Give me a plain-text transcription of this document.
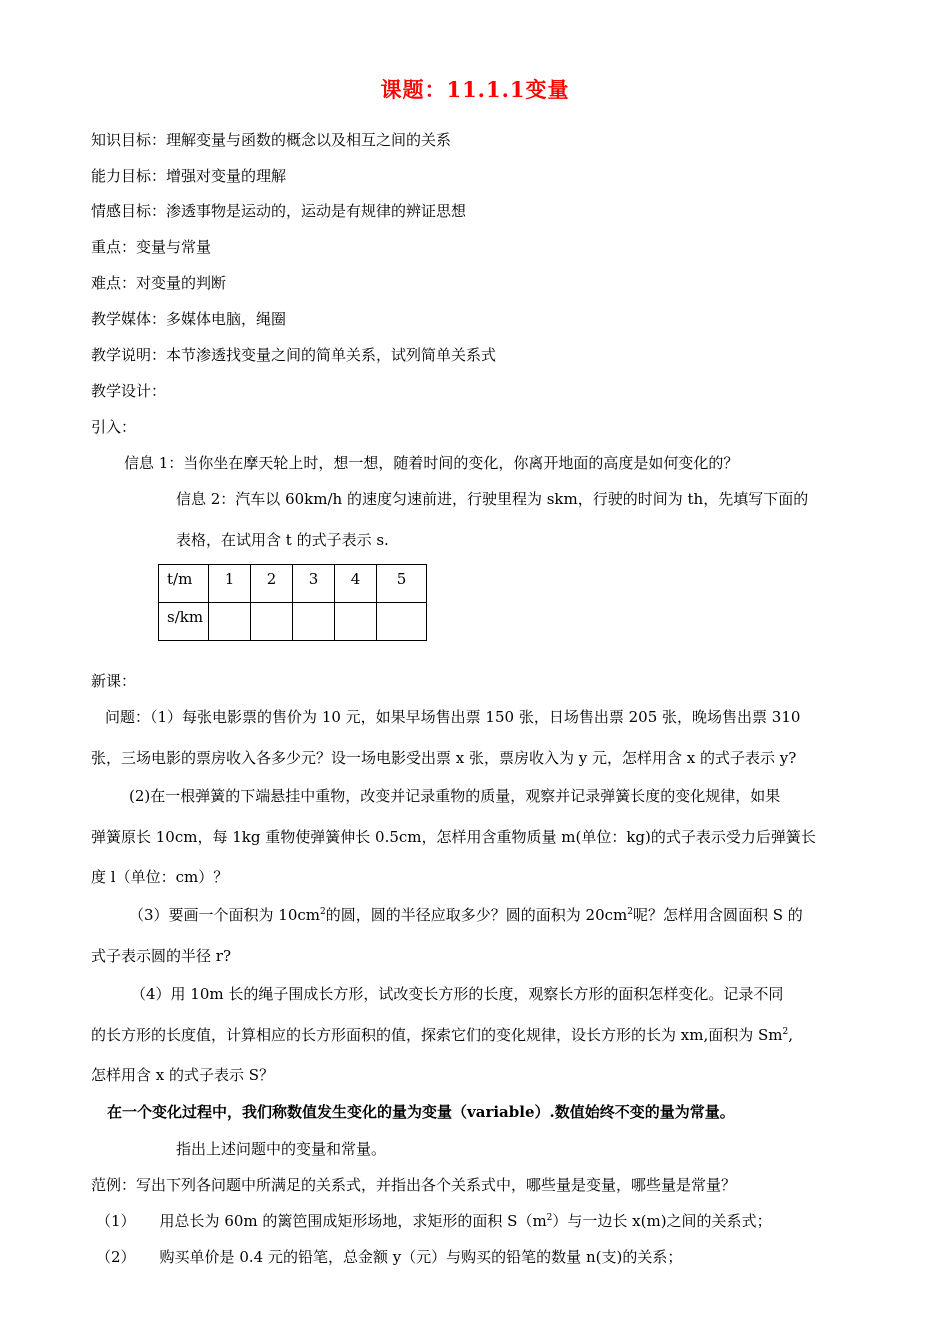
课题：11.1.1变量
知识目标：理解变量与函数的概念以及相互之间的关系
能力目标：增强对变量的理解
情感目标：渗透事物是运动的，运动是有规律的辨证思想
重点：变量与常量
难点：对变量的判断
教学媒体：多媒体电脑，绳圈
教学说明：本节渗透找变量之间的简单关系，试列简单关系式
教学设计：
引入：
信息 1：当你坐在摩天轮上时，想一想，随着时间的变化，你离开地面的高度是如何变化的？
信息 2：汽车以 60km/h 的速度匀速前进，行驶里程为 skm，行驶的时间为 th，先填写下面的
表格，在试用含 t 的式子表示 s.
t/m	1	2	3	4	5

s/km					

新课：
问题：（1）每张电影票的售价为 10 元，如果早场售出票 150 张，日场售出票 205 张，晚场售出票 310
张，三场电影的票房收入各多少元？设一场电影受出票 x 张，票房收入为 y 元，怎样用含 x 的式子表示 y?
(2)在一根弹簧的下端悬挂中重物，改变并记录重物的质量，观察并记录弹簧长度的变化规律，如果
弹簧原长 10cm，每 1kg 重物使弹簧伸长 0.5cm，怎样用含重物质量 m(单位：kg)的式子表示受力后弹簧长
度 l（单位：cm）？
（3）要画一个面积为 $10cm^2$的圆，圆的半径应取多少？圆的面积为 $20cm^2$呢？怎样用含圆面积 S 的
式子表示圆的半径 r?
（4）用 10m 长的绳子围成长方形，试改变长方形的长度，观察长方形的面积怎样变化。记录不同
的长方形的长度值，计算相应的长方形面积的值，探索它们的变化规律，设长方形的长为 xm,面积为 Sm$^2$,
怎样用含 x 的式子表示 S？
在一个变化过程中，我们称数值发生变化的量为变量（variable）.数值始终不变的量为常量。
指出上述问题中的变量和常量。
范例：写出下列各问题中所满足的关系式，并指出各个关系式中，哪些量是变量，哪些量是常量？
（1） 用总长为 60m 的篱笆围成矩形场地，求矩形的面积 $S(m^2)$与一边长 x(m)之间的关系式；
（2） 购买单价是 0.4 元的铅笔，总金额 y（元）与购买的铅笔的数量 n(支)的关系；
